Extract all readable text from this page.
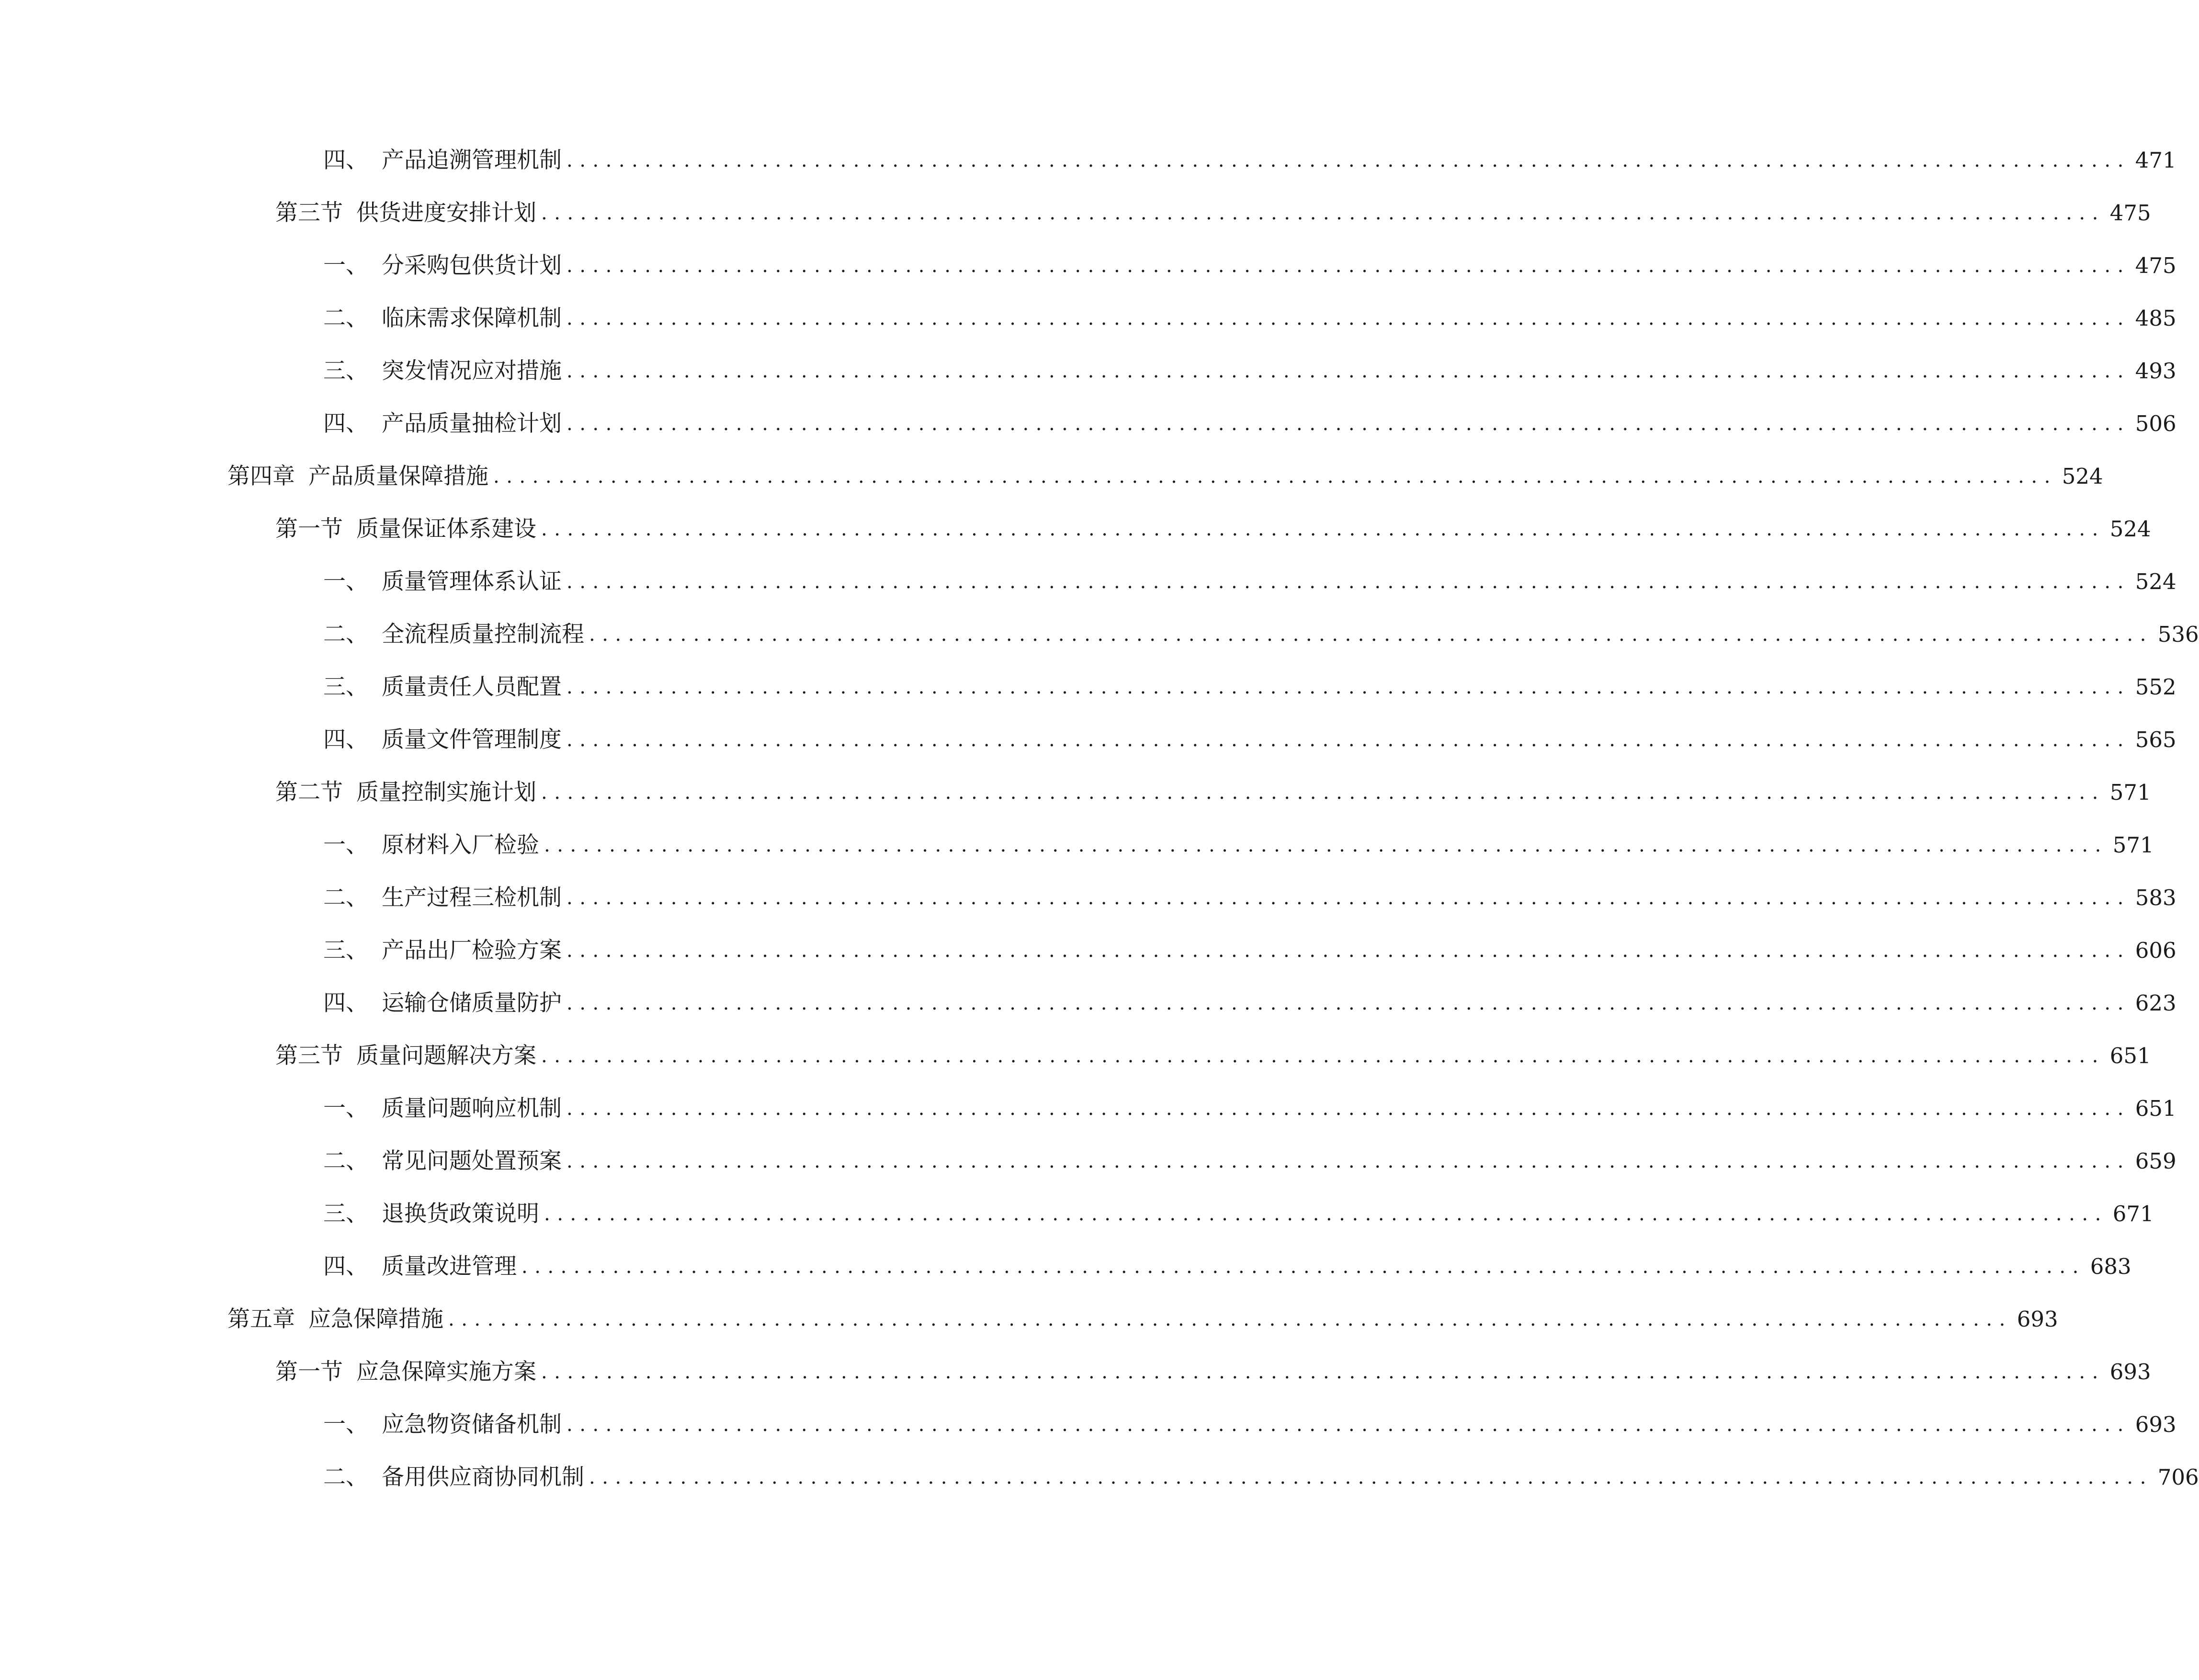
四、 产品追溯管理机制 ........................................................................................................................ 471
第三节 供货进度安排计划 ........................................................................................................................ 475
一、 分采购包供货计划 ........................................................................................................................ 475
二、 临床需求保障机制 ........................................................................................................................ 485
三、 突发情况应对措施 ........................................................................................................................ 493
四、 产品质量抽检计划 ........................................................................................................................ 506
第四章 产品质量保障措施 ........................................................................................................................ 524
第一节 质量保证体系建设 ........................................................................................................................ 524
一、 质量管理体系认证 ........................................................................................................................ 524
二、 全流程质量控制流程 ........................................................................................................................ 536
三、 质量责任人员配置 ........................................................................................................................ 552
四、 质量文件管理制度 ........................................................................................................................ 565
第二节 质量控制实施计划 ........................................................................................................................ 571
一、 原材料入厂检验 ........................................................................................................................ 571
二、 生产过程三检机制 ........................................................................................................................ 583
三、 产品出厂检验方案 ........................................................................................................................ 606
四、 运输仓储质量防护 ........................................................................................................................ 623
第三节 质量问题解决方案 ........................................................................................................................ 651
一、 质量问题响应机制 ........................................................................................................................ 651
二、 常见问题处置预案 ........................................................................................................................ 659
三、 退换货政策说明 ........................................................................................................................ 671
四、 质量改进管理 ........................................................................................................................ 683
第五章 应急保障措施 ........................................................................................................................ 693
第一节 应急保障实施方案 ........................................................................................................................ 693
一、 应急物资储备机制 ........................................................................................................................ 693
二、 备用供应商协同机制 ........................................................................................................................ 706
